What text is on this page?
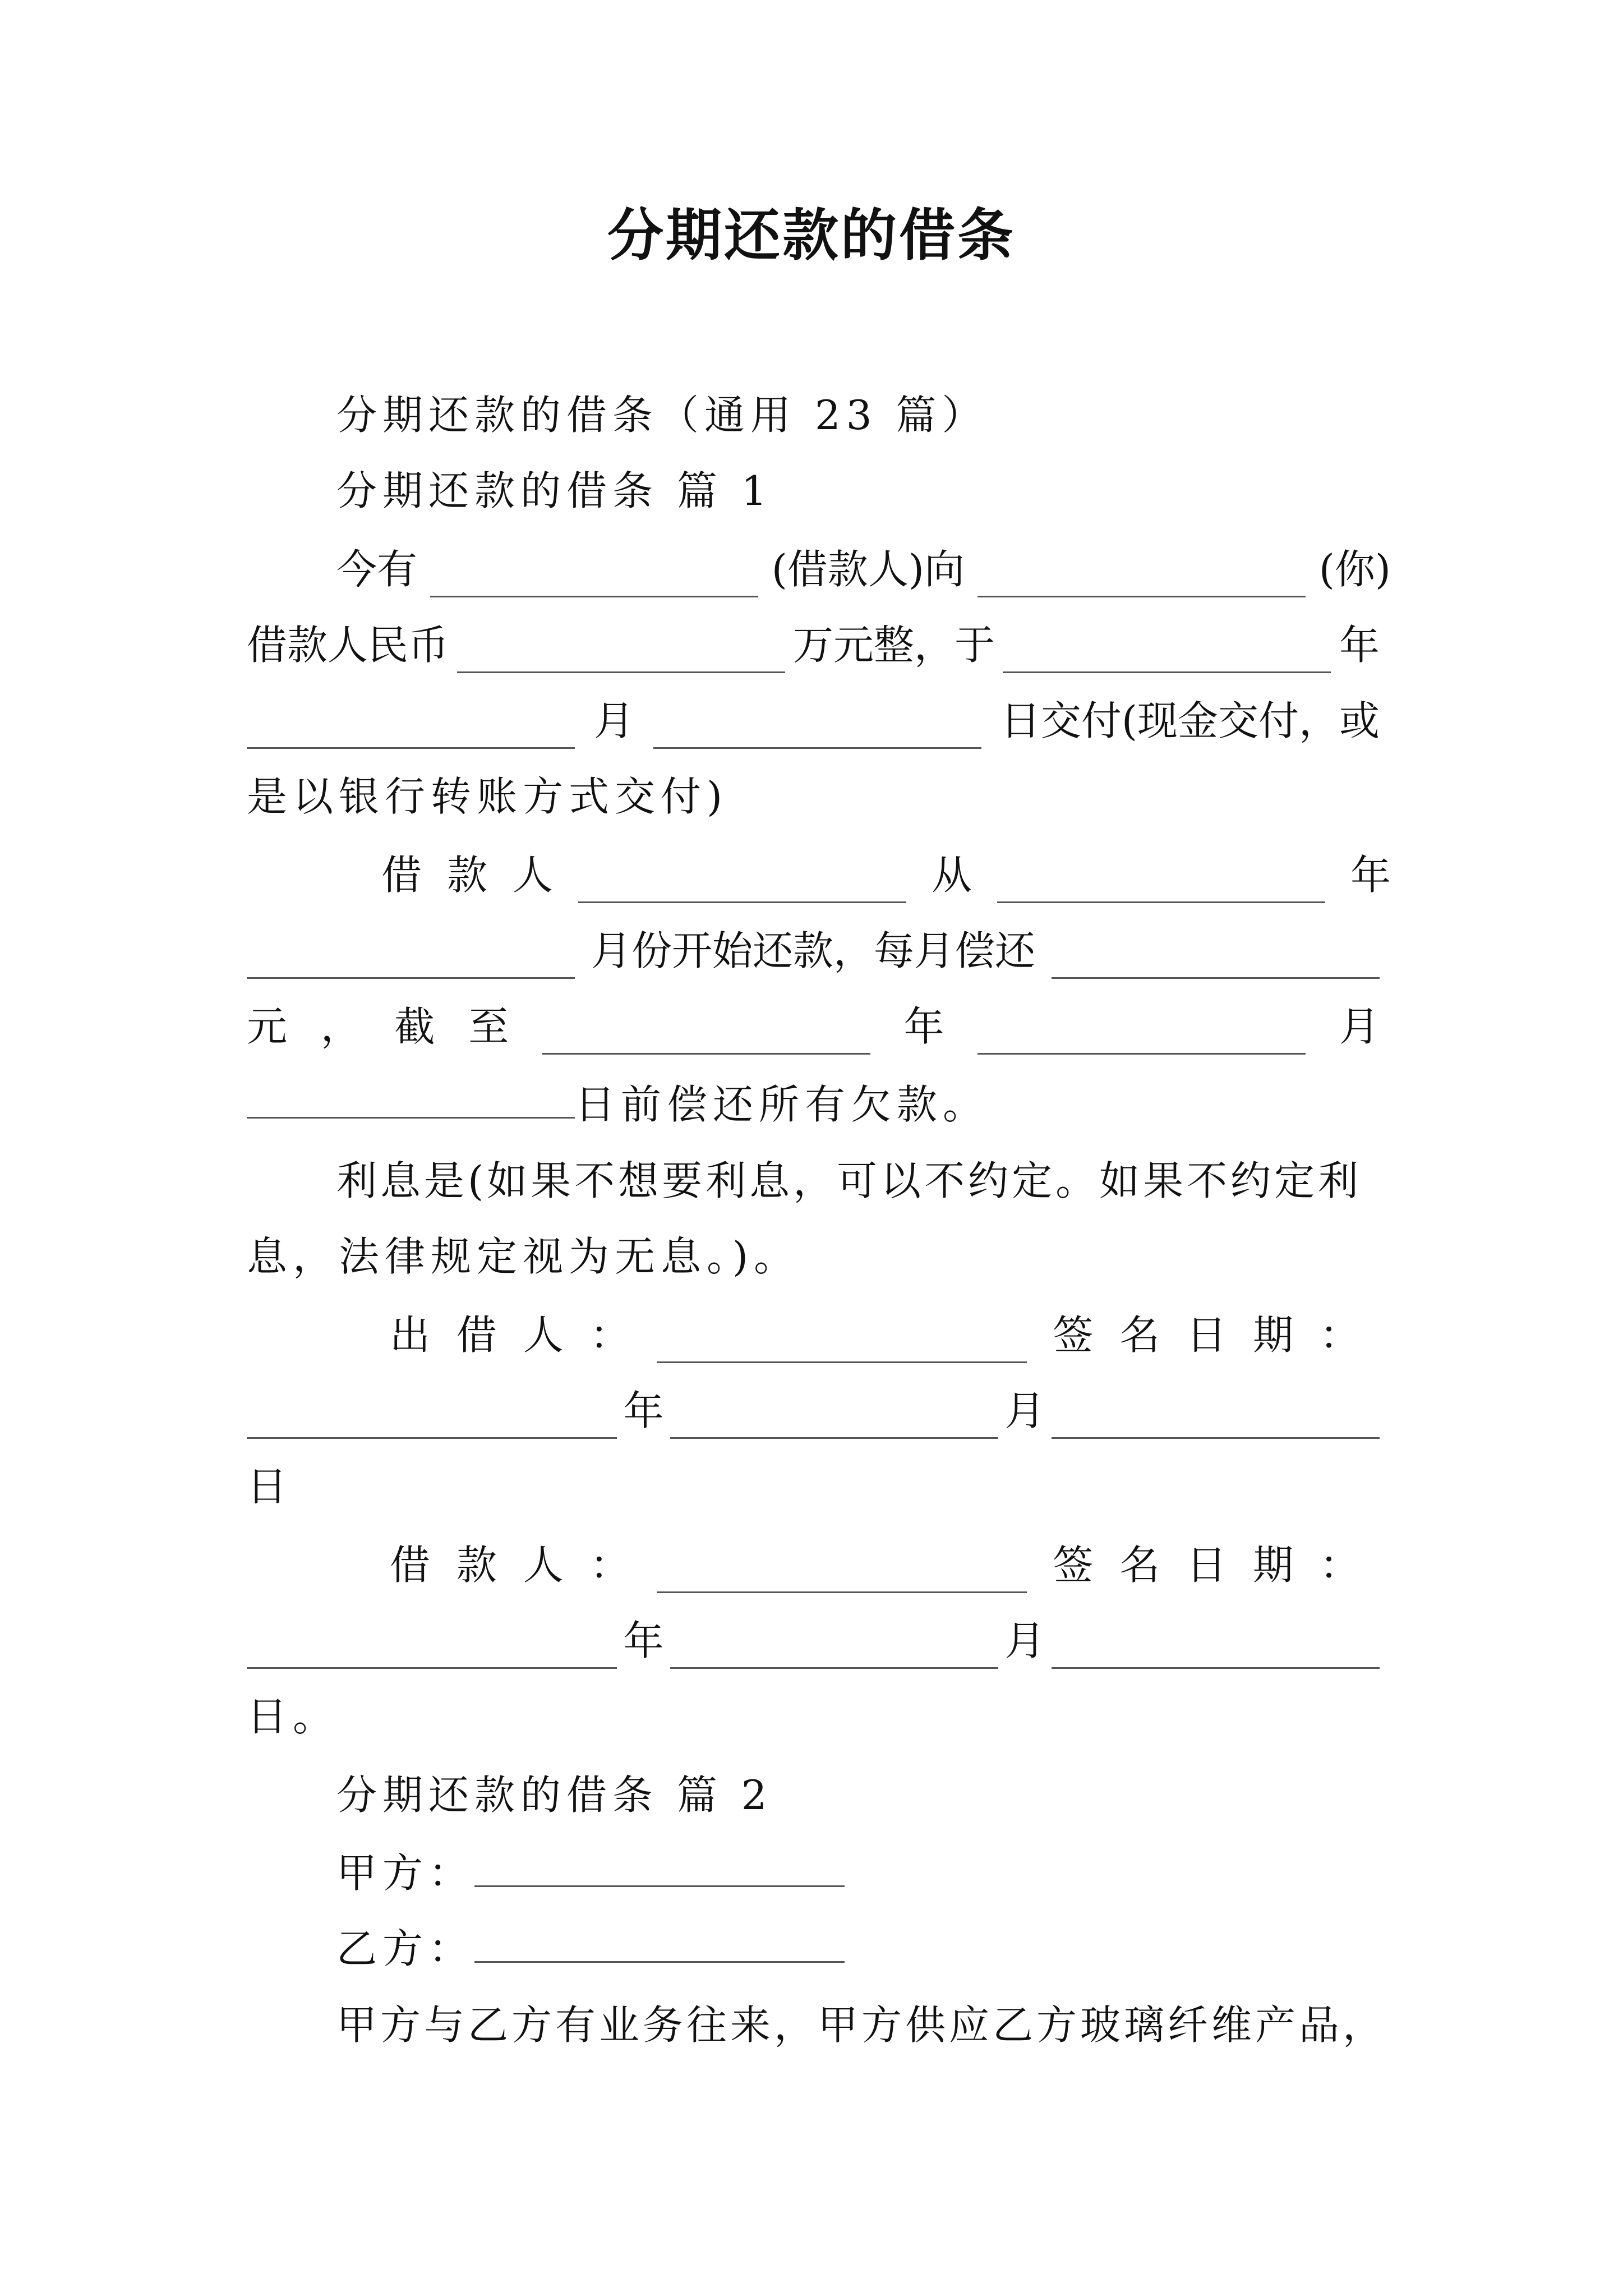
分期还款的借条
分期还款的借条（通用 23 篇）
分期还款的借条 篇 1
今有	(借款人)向	(你)
借款人民币	万元整，于	年
月	日交付(现金交付，或
是以银行转账方式交付)
借 款 人	从	年
月份开始还款，每月偿还
元 ， 截 至	年	月
日前偿还所有欠款。
利息是(如果不想要利息，可以不约定。如果不约定利
息，法律规定视为无息。)。
出 借 人 ：	签 名 日 期 ：
年	月
日
借 款 人 ：	签 名 日 期 ：
年	月
日。
分期还款的借条 篇 2
甲方：
乙方：
甲方与乙方有业务往来，甲方供应乙方玻璃纤维产品，
